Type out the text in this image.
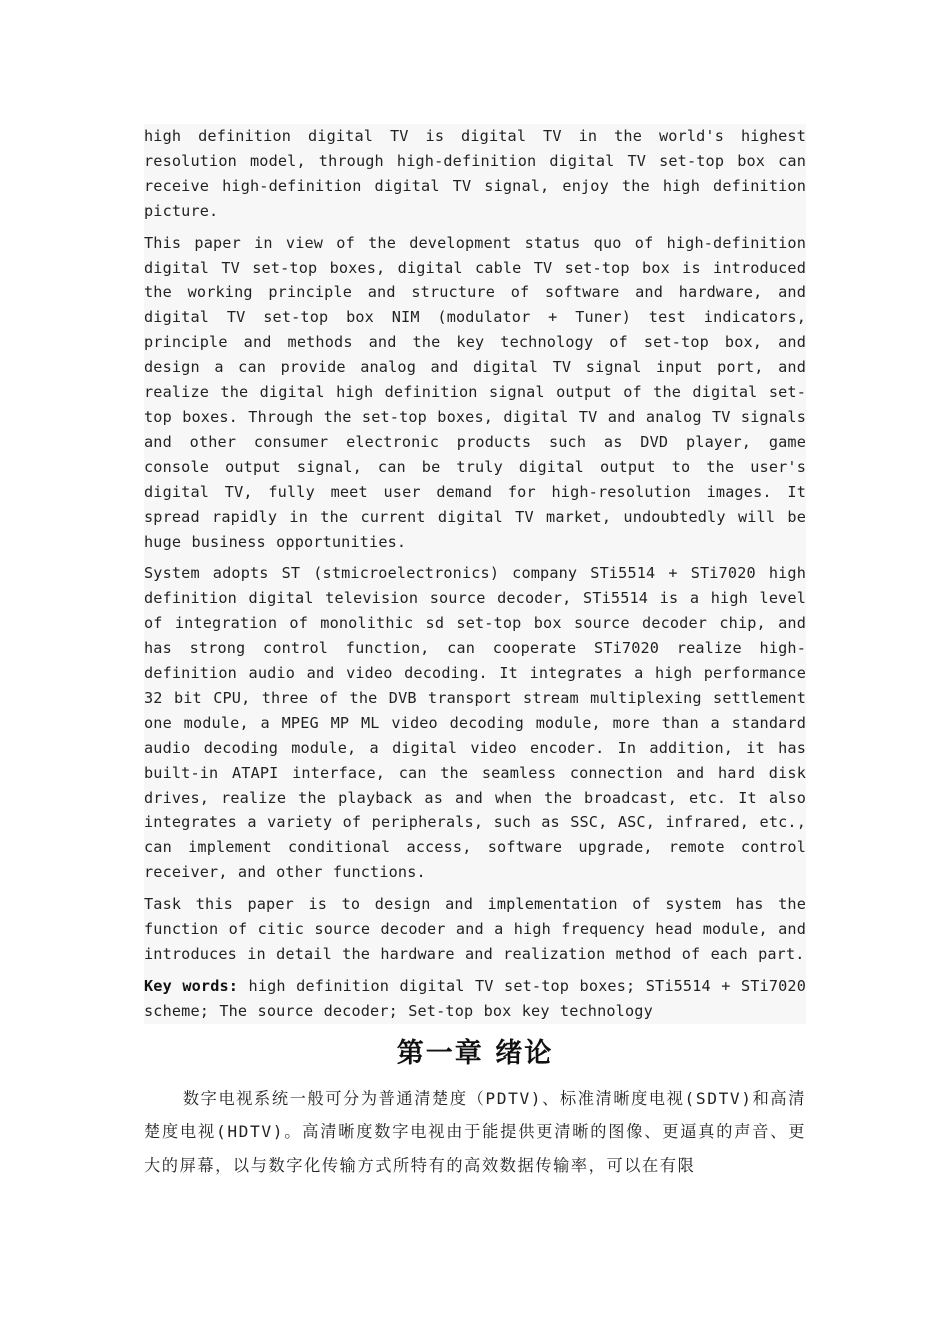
high definition digital TV is digital TV in the world's highest resolution model, through high-definition digital TV set-top box can receive high-definition digital TV signal, enjoy the high definition picture.

This paper in view of the development status quo of high-definition digital TV set-top boxes, digital cable TV set-top box is introduced the working principle and structure of software and hardware, and digital TV set-top box NIM (modulator + Tuner) test indicators, principle and methods and the key technology of set-top box, and design a can provide analog and digital TV signal input port, and realize the digital high definition signal output of the digital set-top boxes. Through the set-top boxes, digital TV and analog TV signals and other consumer electronic products such as DVD player, game console output signal, can be truly digital output to the user's digital TV, fully meet user demand for high-resolution images. It spread rapidly in the current digital TV market, undoubtedly will be huge business opportunities.

System adopts ST (stmicroelectronics) company STi5514 + STi7020 high definition digital television source decoder, STi5514 is a high level of integration of monolithic sd set-top box source decoder chip, and has strong control function, can cooperate STi7020 realize high-definition audio and video decoding. It integrates a high performance 32 bit CPU, three of the DVB transport stream multiplexing settlement one module, a MPEG MP ML video decoding module, more than a standard audio decoding module, a digital video encoder. In addition, it has built-in ATAPI interface, can the seamless connection and hard disk drives, realize the playback as and when the broadcast, etc. It also integrates a variety of peripherals, such as SSC, ASC, infrared, etc., can implement conditional access, software upgrade, remote control receiver, and other functions.

Task this paper is to design and implementation of system has the function of citic source decoder and a high frequency head module, and introduces in detail the hardware and realization method of each part.

Key words: high definition digital TV set-top boxes; STi5514 + STi7020 scheme; The source decoder; Set-top box key technology

第一章 绪论

数字电视系统一般可分为普通清楚度（PDTV)、标准清晰度电视(SDTV)和高清楚度电视(HDTV)。高清晰度数字电视由于能提供更清晰的图像、更逼真的声音、更大的屏幕，以与数字化传输方式所特有的高效数据传输率，可以在有限
